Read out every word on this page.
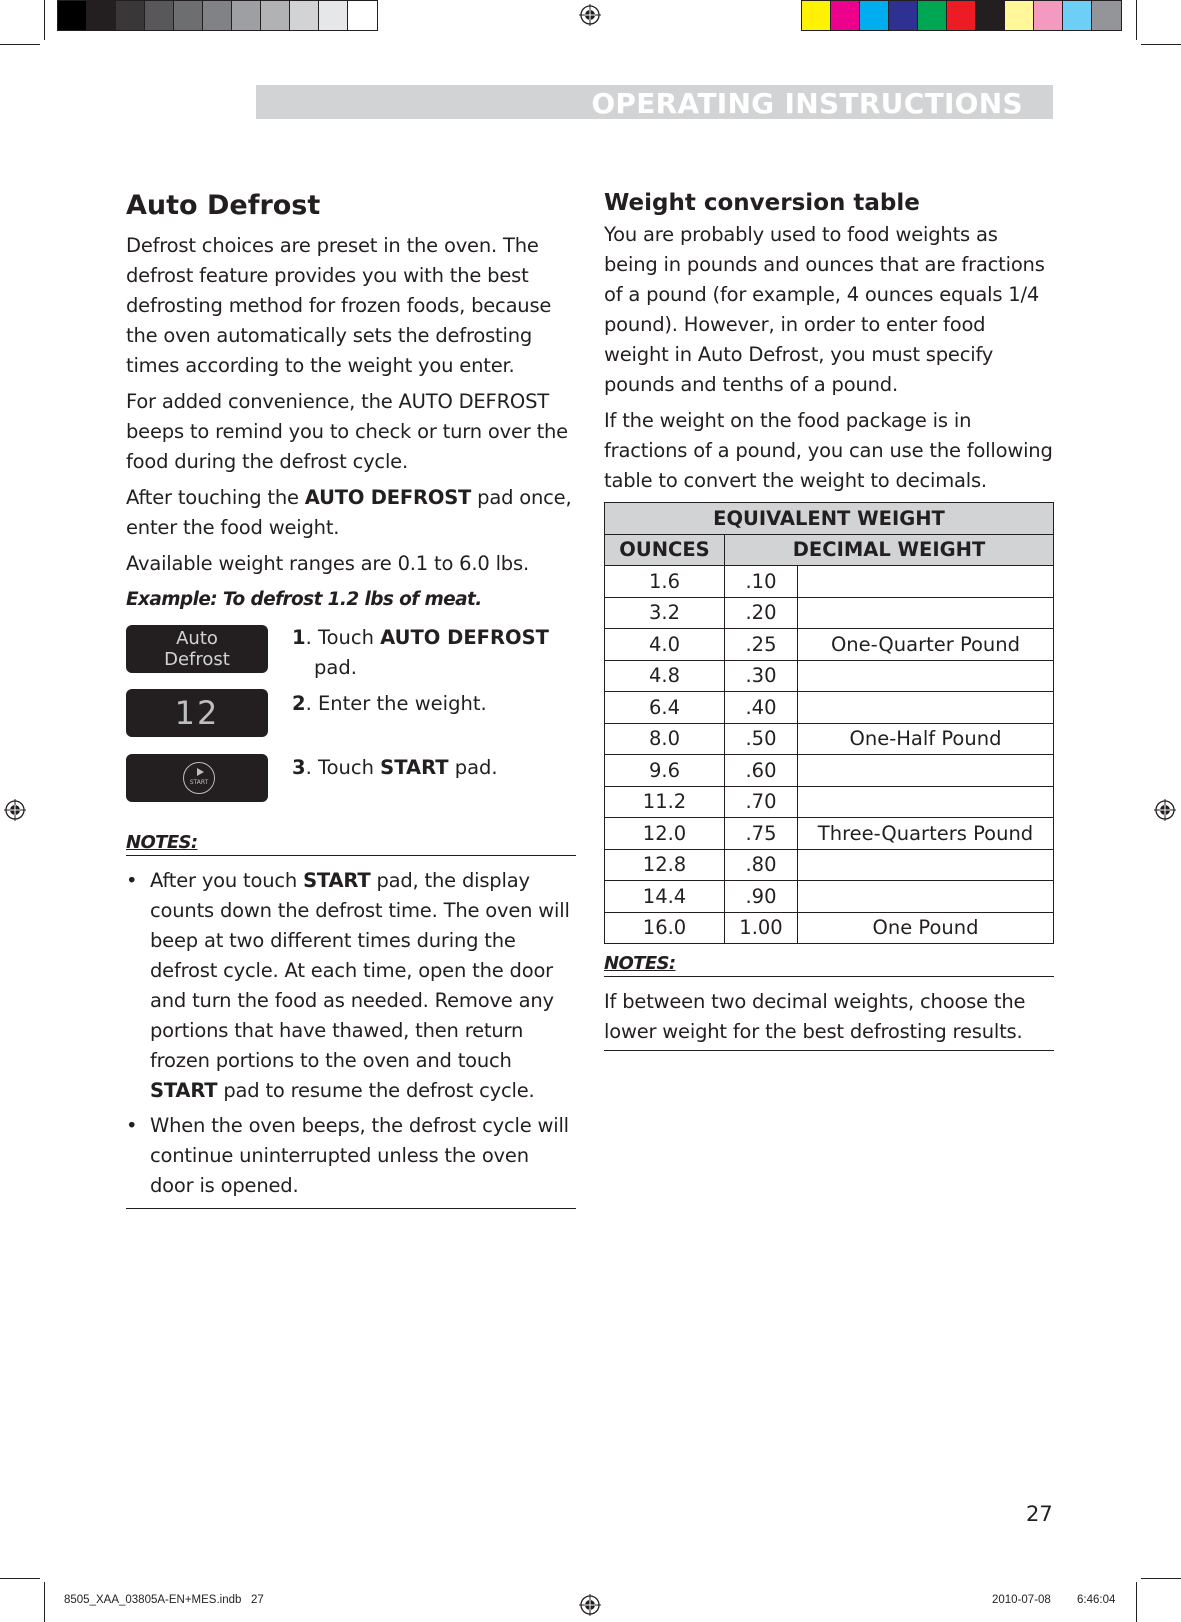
OPERATING INSTRUCTIONS
Auto Defrost

Defrost choices are preset in the oven. The defrost feature provides you with the best defrosting method for frozen foods, because the oven automatically sets the defrosting times according to the weight you enter.

For added convenience, the AUTO DEFROST beeps to remind you to check or turn over the food during the defrost cycle.

After touching the AUTO DEFROST pad once, enter the food weight.

Available weight ranges are 0.1 to 6.0 lbs.

Example: To defrost 1.2 lbs of meat.

Auto
Defrost
12
START
1. Touch AUTO DEFROST
pad.
2. Enter the weight.
3. Touch START pad.
NOTES:
• After you touch START pad, the display counts down the defrost time. The oven will beep at two different times during the defrost cycle. At each time, open the door and turn the food as needed. Remove any portions that have thawed, then return frozen portions to the oven and touch START pad to resume the defrost cycle.
• When the oven beeps, the defrost cycle will continue uninterrupted unless the oven door is opened.
Weight conversion table

You are probably used to food weights as being in pounds and ounces that are fractions of a pound (for example, 4 ounces equals 1/4 pound). However, in order to enter food weight in Auto Defrost, you must specify pounds and tenths of a pound.

If the weight on the food package is in fractions of a pound, you can use the following table to convert the weight to decimals.

EQUIVALENT WEIGHT		
OUNCES	DECIMAL WEIGHT	
1.6	.10	
3.2	.20	
4.0	.25	One-Quarter Pound
4.8	.30	
6.4	.40	
8.0	.50	One-Half Pound
9.6	.60	
11.2	.70	
12.0	.75	Three-Quarters Pound
12.8	.80	
14.4	.90	
16.0	1.00	One Pound
NOTES:

If between two decimal weights, choose the lower weight for the best defrosting results.

27
8505_XAA_03805A-EN+MES.indb   27	2010-07-08 6:46:04
